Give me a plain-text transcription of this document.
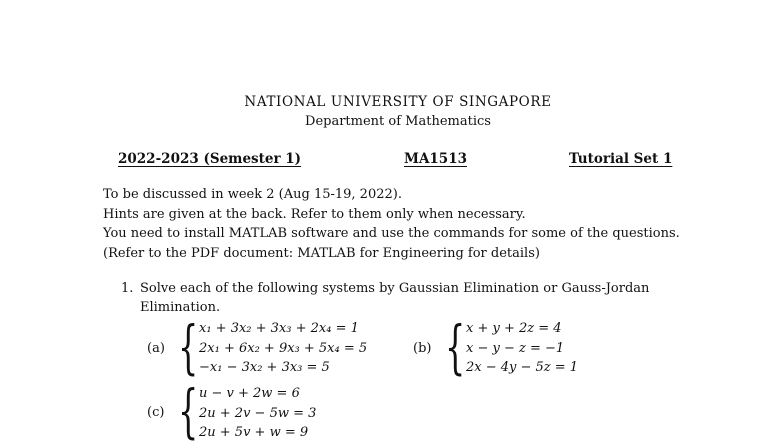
NATIONAL UNIVERSITY OF SINGAPORE
Department of Mathematics
2022-2023 (Semester 1)	MA1513	Tutorial Set 1
To be discussed in week 2 (Aug 15-19, 2022).
Hints are given at the back. Refer to them only when necessary.
You need to install MATLAB software and use the commands for some of the questions.
(Refer to the PDF document: MATLAB for Engineering for details)
1. Solve each of the following systems by Gaussian Elimination or Gauss-Jordan Elimination.
(a) { x₁ + 3x₂ + 3x₃ + 2x₄ = 1
2x₁ + 6x₂ + 9x₃ + 5x₄ = 5
−x₁ − 3x₂ + 3x₃ = 5
(b) { x + y + 2z = 4
x − y − z = −1
2x − 4y − 5z = 1
(c) { u − v + 2w = 6
2u + 2v − 5w = 3
2u + 5v + w = 9
